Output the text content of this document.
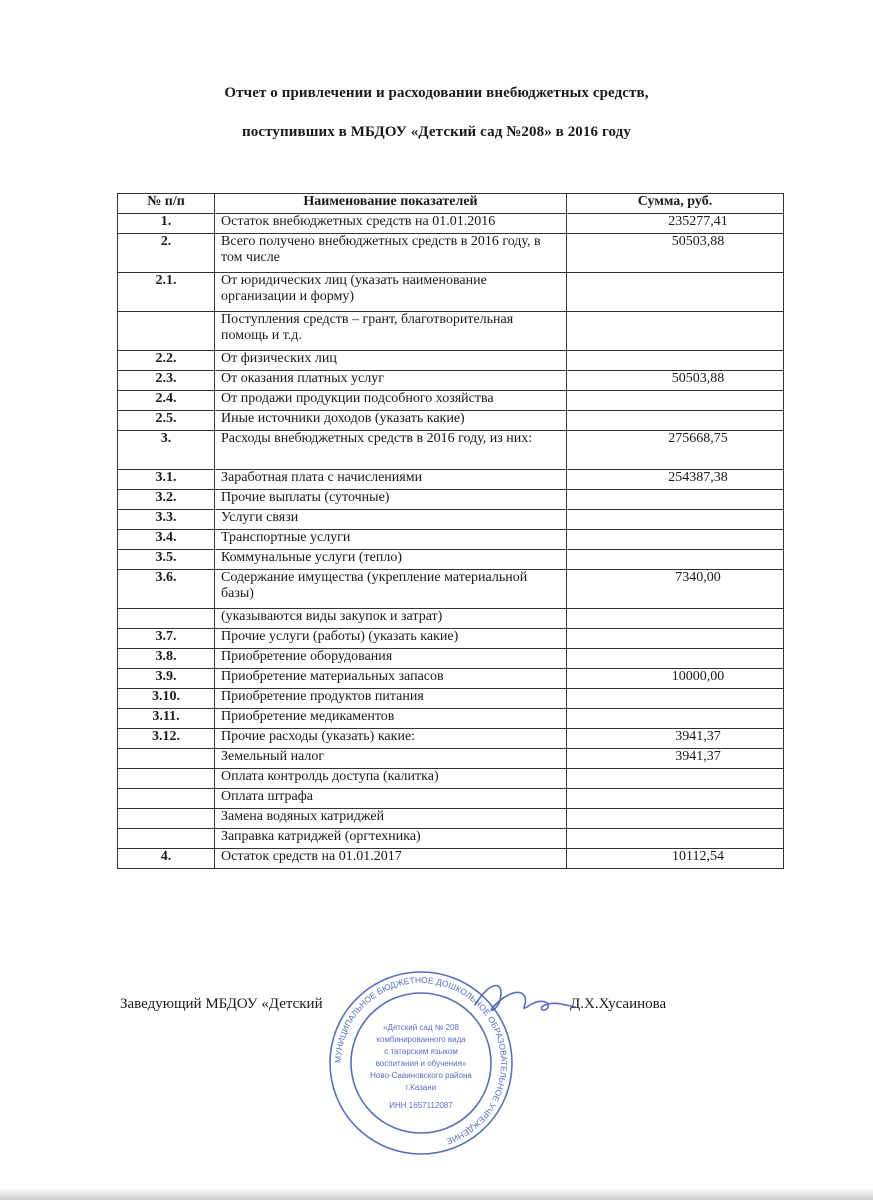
Отчет о привлечении и расходовании внебюджетных средств,
поступивших в МБДОУ «Детский сад №208» в 2016 году
№ п/п	Наименование показателей	Сумма, руб.
1.	Остаток внебюджетных средств на 01.01.2016	235277,41
2.	Всего получено внебюджетных средств в 2016 году, в том числе	50503,88
2.1.	От юридических лиц (указать наименование организации и форму)	
	Поступления средств – грант, благотворительная помощь и т.д.	
2.2.	От физических лиц	
2.3.	От оказания платных услуг	50503,88
2.4.	От продажи продукции подсобного хозяйства	
2.5.	Иные источники доходов (указать какие)	
3.	Расходы внебюджетных средств в 2016 году, из них:	275668,75
3.1.	Заработная плата с начислениями	254387,38
3.2.	Прочие выплаты (суточные)	
3.3.	Услуги связи	
3.4.	Транспортные услуги	
3.5.	Коммунальные услуги (тепло)	
3.6.	Содержание имущества (укрепление материальной базы)	7340,00
	(указываются виды закупок и затрат)	
3.7.	Прочие услуги (работы) (указать какие)	
3.8.	Приобретение оборудования	
3.9.	Приобретение материальных запасов	10000,00
3.10.	Приобретение продуктов питания	
3.11.	Приобретение медикаментов	
3.12.	Прочие расходы (указать) какие:	3941,37
	Земельный налог	3941,37
	Оплата контролдь доступа (калитка)	
	Оплата штрафа	
	Замена водяных катриджей	
	Заправка катриджей (оргтехника)	
4.	Остаток средств на 01.01.2017	10112,54
Заведующий МБДОУ «Детский	Д.Х.Хусаинова
МУНИЦИПАЛЬНОЕ БЮДЖЕТНОЕ ДОШКОЛЬНОЕ ОБРАЗОВАТЕЛЬНОЕ УЧРЕЖДЕНИЕ
«Детский сад № 208
комбинированного вида
с татарским языком
воспитания и обучения»
Ново-Савиновского района
г.Казани
ИНН 1657112087
